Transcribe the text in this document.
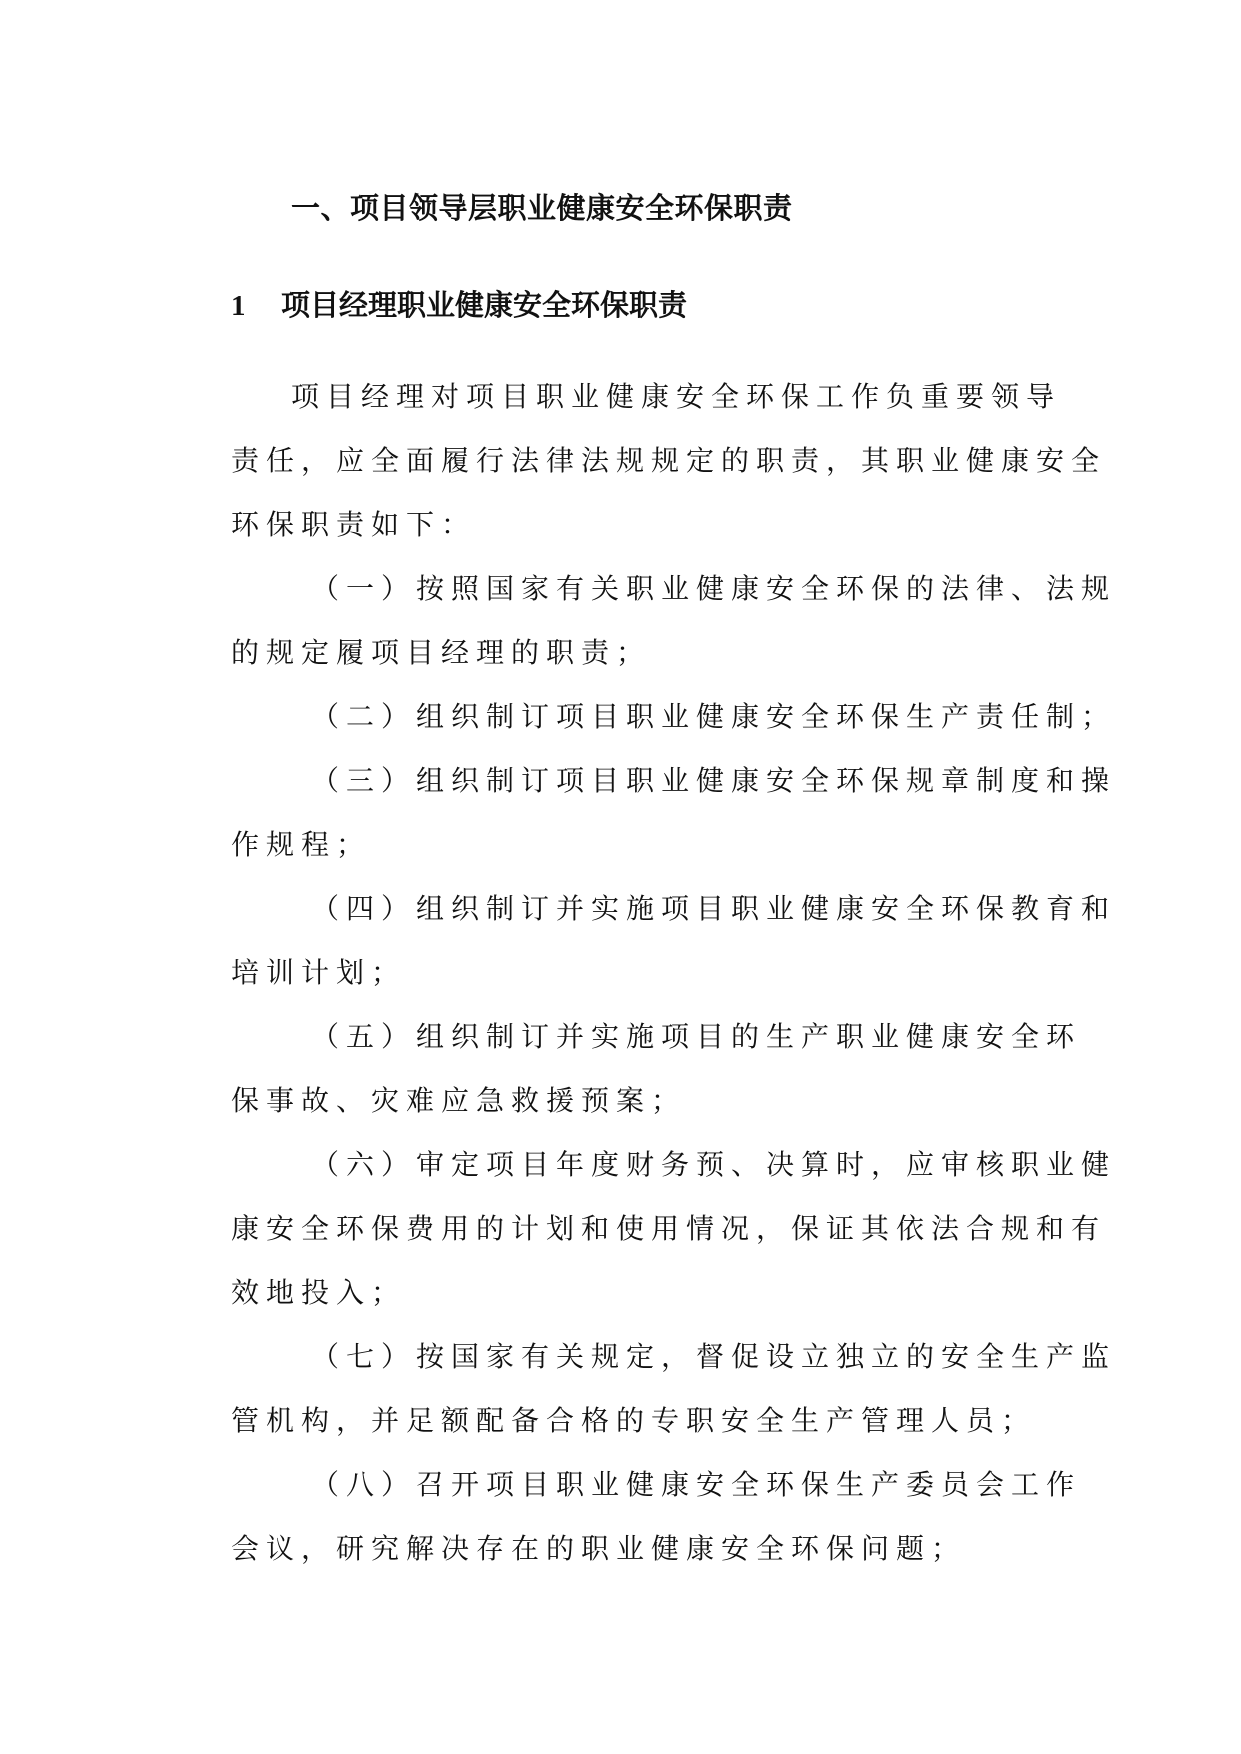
一、项目领导层职业健康安全环保职责
1 项目经理职业健康安全环保职责
项目经理对项目职业健康安全环保工作负重要领导
责任，应全面履行法律法规规定的职责，其职业健康安全
环保职责如下：
（一）按照国家有关职业健康安全环保的法律、法规
的规定履项目经理的职责；
（二）组织制订项目职业健康安全环保生产责任制；
（三）组织制订项目职业健康安全环保规章制度和操
作规程；
（四）组织制订并实施项目职业健康安全环保教育和
培训计划；
（五）组织制订并实施项目的生产职业健康安全环
保事故、灾难应急救援预案；
（六）审定项目年度财务预、决算时，应审核职业健
康安全环保费用的计划和使用情况，保证其依法合规和有
效地投入；
（七）按国家有关规定，督促设立独立的安全生产监
管机构，并足额配备合格的专职安全生产管理人员；
（八）召开项目职业健康安全环保生产委员会工作
会议，研究解决存在的职业健康安全环保问题；
